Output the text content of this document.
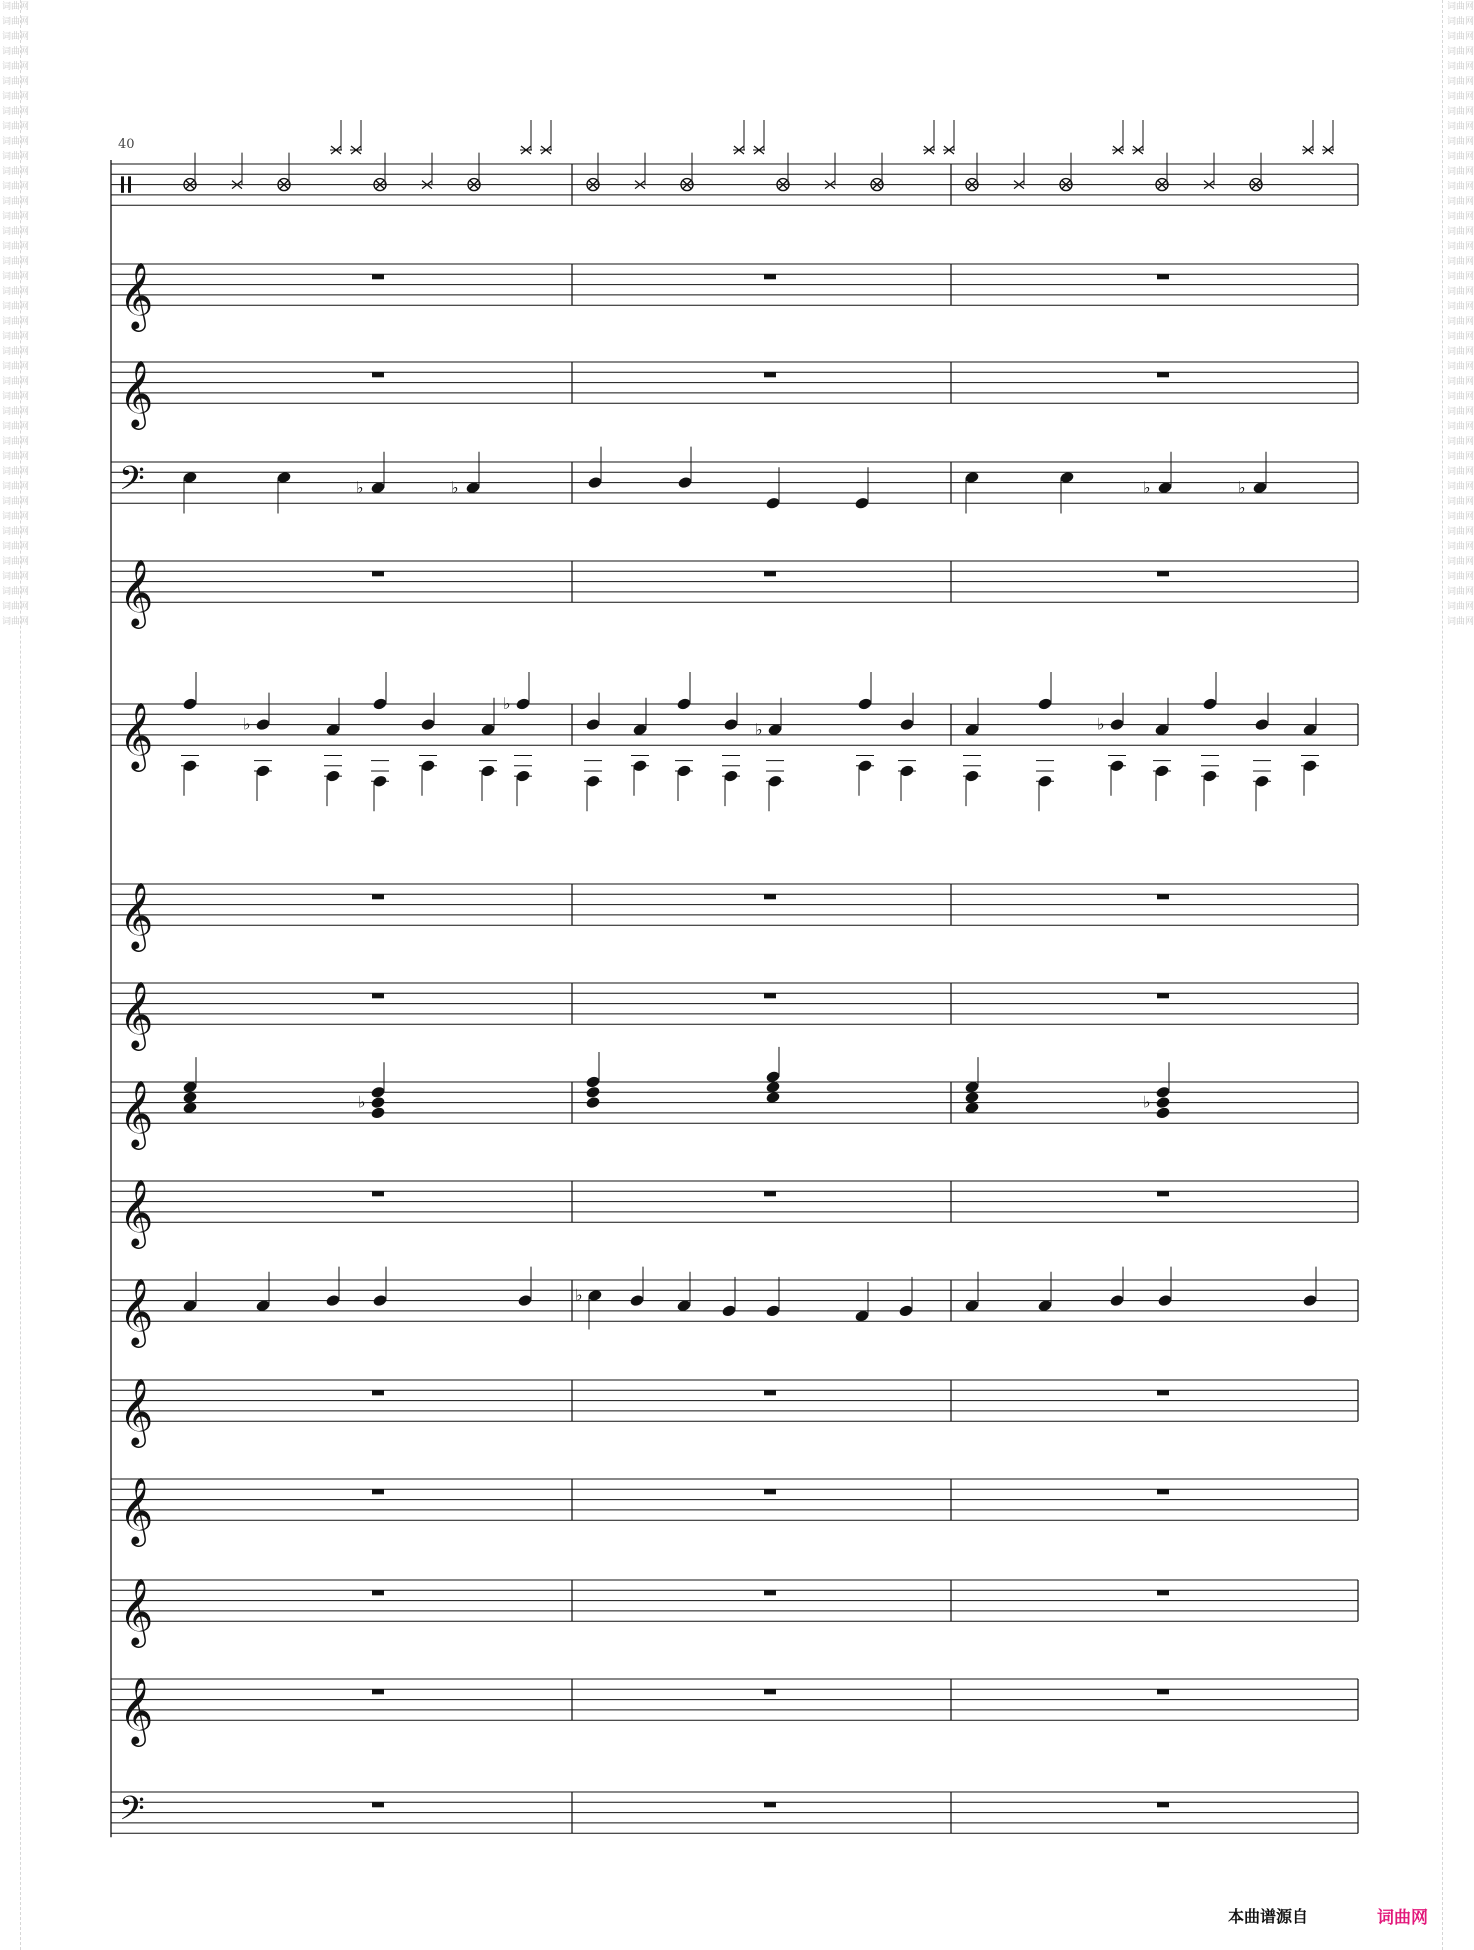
词曲网
词曲网
词曲网
词曲网
词曲网
词曲网
词曲网
词曲网
词曲网
词曲网
词曲网
词曲网
词曲网
词曲网
词曲网
词曲网
词曲网
词曲网
词曲网
词曲网
词曲网
词曲网
词曲网
词曲网
词曲网
词曲网
词曲网
词曲网
词曲网
词曲网
词曲网
词曲网
词曲网
词曲网
词曲网
词曲网
词曲网
词曲网
词曲网
词曲网
词曲网
词曲网

词曲网
词曲网
词曲网
词曲网
词曲网
词曲网
词曲网
词曲网
词曲网
词曲网
词曲网
词曲网
词曲网
词曲网
词曲网
词曲网
词曲网
词曲网
词曲网
词曲网
词曲网
词曲网
词曲网
词曲网
词曲网
词曲网
词曲网
词曲网
词曲网
词曲网
词曲网
词曲网
词曲网
词曲网
词曲网
词曲网
词曲网
词曲网
词曲网
词曲网
词曲网
词曲网

40
𝄞
𝄞
𝄢
𝄞
𝄞
𝄞
𝄞
𝄞
𝄞
𝄞
𝄞
𝄞
𝄞
𝄞
𝄢
♭	♭	♭	♭
♭
♭
♭	♭
♭	♭
♭
本曲谱源自	词曲网
